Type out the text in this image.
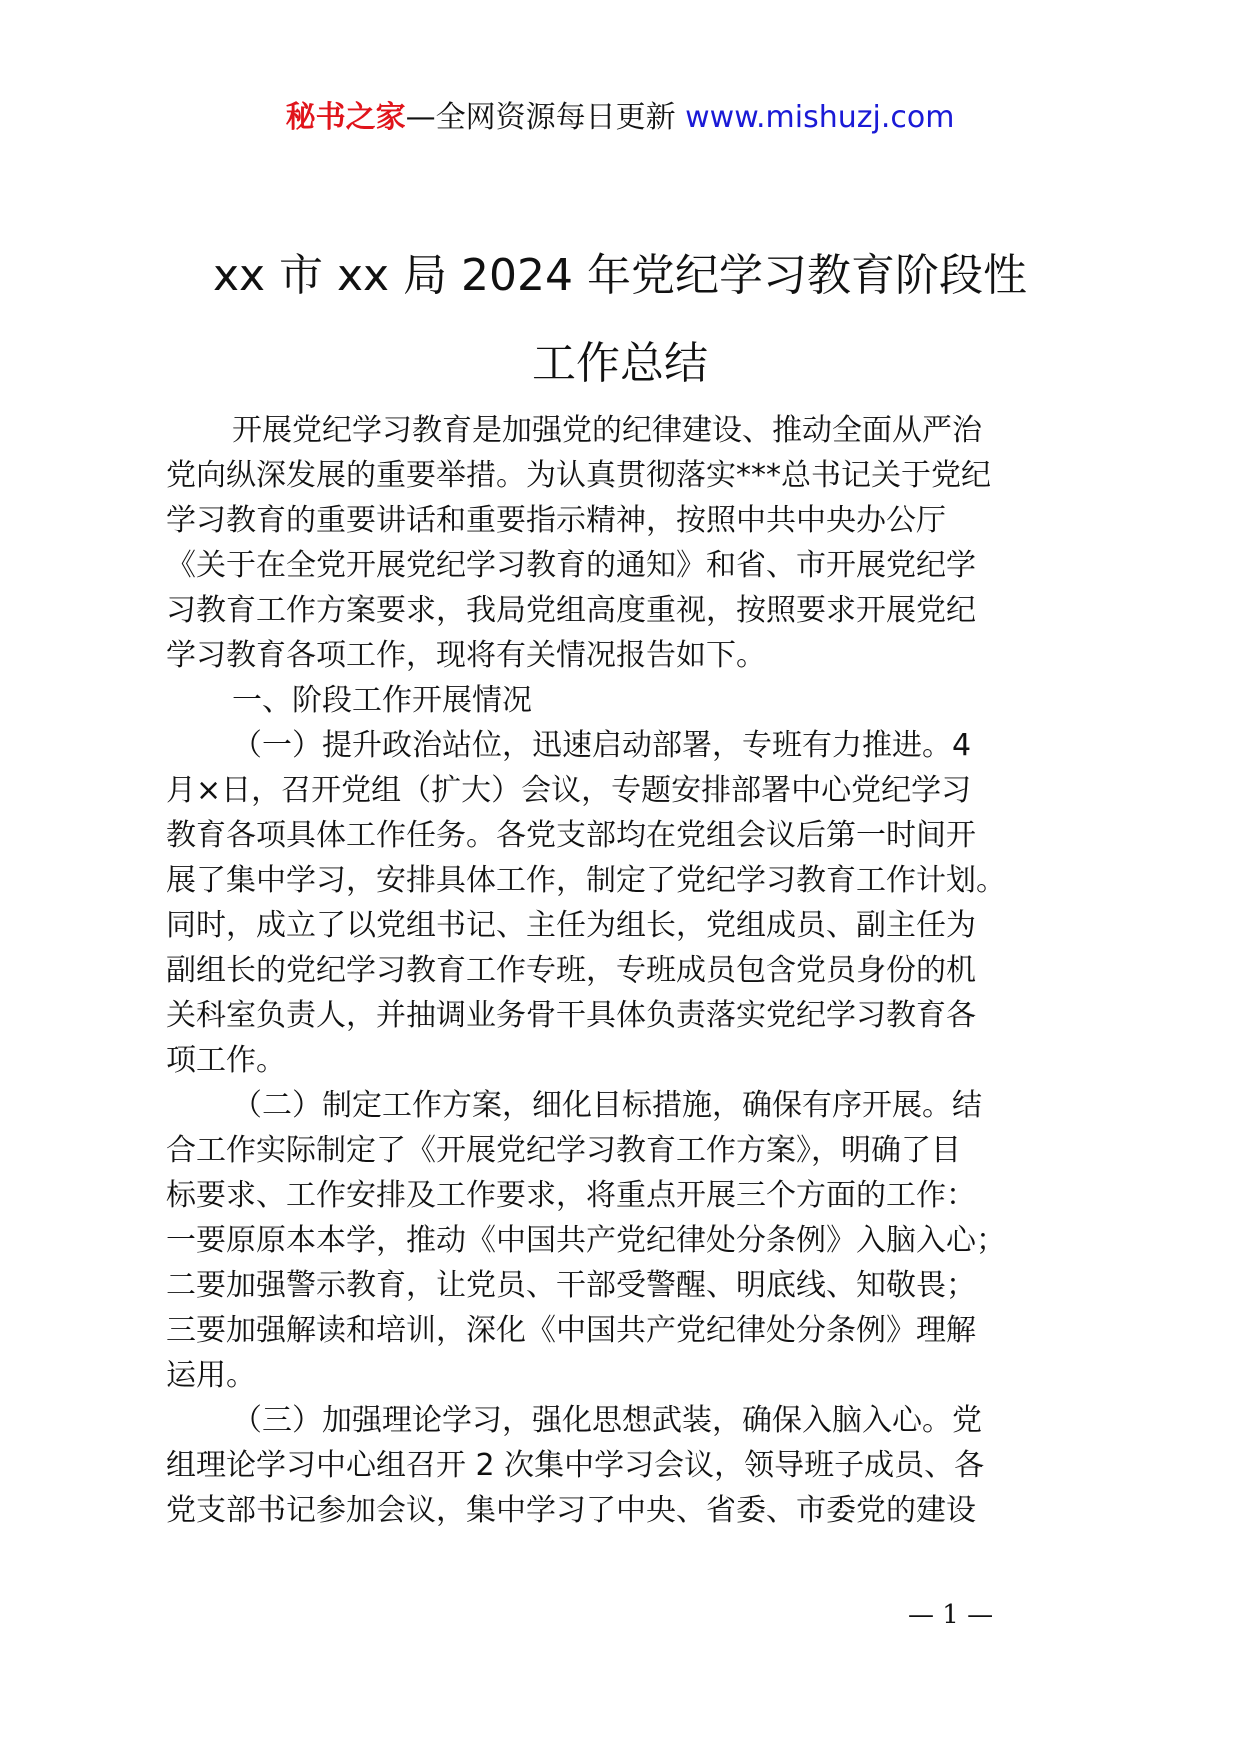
秘书之家—全网资源每日更新 www.mishuzj.com
xx 市 xx 局 2024 年党纪学习教育阶段性
工作总结
开展党纪学习教育是加强党的纪律建设、推动全面从严治
党向纵深发展的重要举措。为认真贯彻落实***总书记关于党纪
学习教育的重要讲话和重要指示精神，按照中共中央办公厅
《关于在全党开展党纪学习教育的通知》和省、市开展党纪学
习教育工作方案要求，我局党组高度重视，按照要求开展党纪
学习教育各项工作，现将有关情况报告如下。
一、阶段工作开展情况
（一）提升政治站位，迅速启动部署，专班有力推进。4
月×日，召开党组（扩大）会议，专题安排部署中心党纪学习
教育各项具体工作任务。各党支部均在党组会议后第一时间开
展了集中学习，安排具体工作，制定了党纪学习教育工作计划。
同时，成立了以党组书记、主任为组长，党组成员、副主任为
副组长的党纪学习教育工作专班，专班成员包含党员身份的机
关科室负责人，并抽调业务骨干具体负责落实党纪学习教育各
项工作。
（二）制定工作方案，细化目标措施，确保有序开展。结
合工作实际制定了《开展党纪学习教育工作方案》，明确了目
标要求、工作安排及工作要求，将重点开展三个方面的工作：
一要原原本本学，推动《中国共产党纪律处分条例》入脑入心；
二要加强警示教育，让党员、干部受警醒、明底线、知敬畏；
三要加强解读和培训，深化《中国共产党纪律处分条例》理解
运用。
（三）加强理论学习，强化思想武装，确保入脑入心。党
组理论学习中心组召开 2 次集中学习会议，领导班子成员、各
党支部书记参加会议，集中学习了中央、省委、市委党的建设
— 1 —
